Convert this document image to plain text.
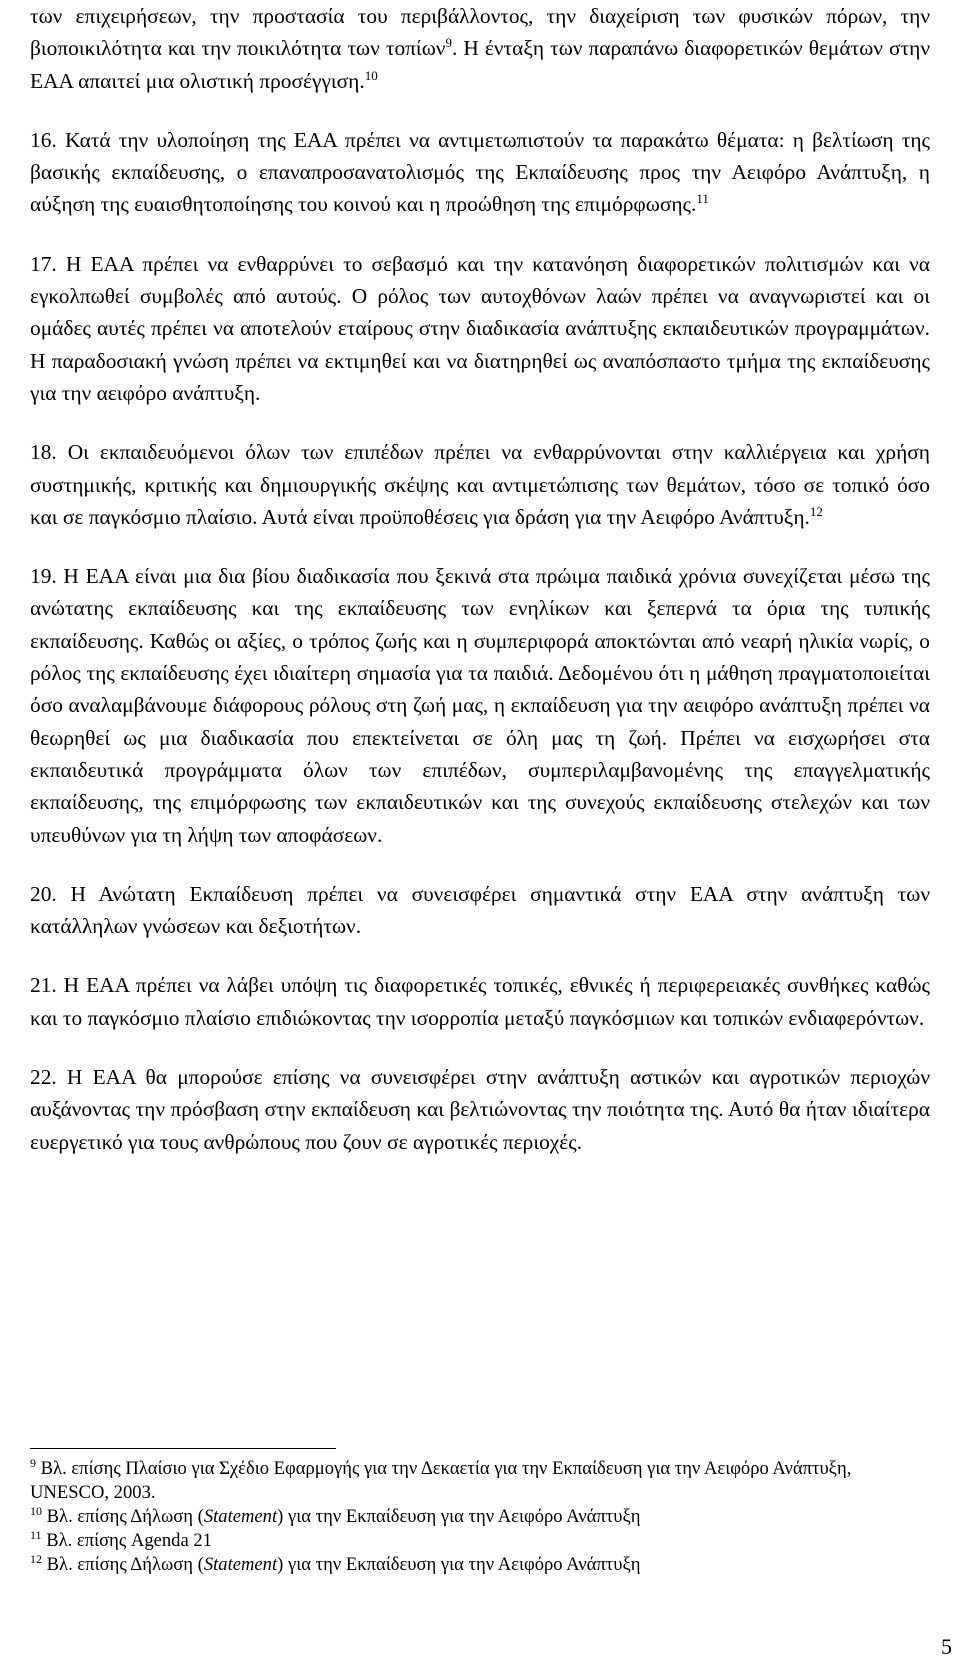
των επιχειρήσεων, την προστασία του περιβάλλοντος, την διαχείριση των φυσικών πόρων, την βιοποικιλότητα και την ποικιλότητα των τοπίων$^9$. Η ένταξη των παραπάνω διαφορετικών θεμάτων στην ΕΑΑ απαιτεί μια ολιστική προσέγγιση.$^{10}$

16. Κατά την υλοποίηση της ΕΑΑ πρέπει να αντιμετωπιστούν τα παρακάτω θέματα: η βελτίωση της βασικής εκπαίδευσης, ο επαναπροσανατολισμός της Εκπαίδευσης προς την Αειφόρο Ανάπτυξη, η αύξηση της ευαισθητοποίησης του κοινού και η προώθηση της επιμόρφωσης.$^{11}$

17. Η ΕΑΑ πρέπει να ενθαρρύνει το σεβασμό και την κατανόηση διαφορετικών πολιτισμών και να εγκολπωθεί συμβολές από αυτούς. Ο ρόλος των αυτοχθόνων λαών πρέπει να αναγνωριστεί και οι ομάδες αυτές πρέπει να αποτελούν εταίρους στην διαδικασία ανάπτυξης εκπαιδευτικών προγραμμάτων. Η παραδοσιακή γνώση πρέπει να εκτιμηθεί και να διατηρηθεί ως αναπόσπαστο τμήμα της εκπαίδευσης για την αειφόρο ανάπτυξη.

18. Οι εκπαιδευόμενοι όλων των επιπέδων πρέπει να ενθαρρύνονται στην καλλιέργεια και χρήση συστημικής, κριτικής και δημιουργικής σκέψης και αντιμετώπισης των θεμάτων, τόσο σε τοπικό όσο και σε παγκόσμιο πλαίσιο. Αυτά είναι προϋποθέσεις για δράση για την Αειφόρο Ανάπτυξη.$^{12}$

19. Η ΕΑΑ είναι μια δια βίου διαδικασία που ξεκινά στα πρώιμα παιδικά χρόνια συνεχίζεται μέσω της ανώτατης εκπαίδευσης και της εκπαίδευσης των ενηλίκων και ξεπερνά τα όρια της τυπικής εκπαίδευσης. Καθώς οι αξίες, ο τρόπος ζωής και η συμπεριφορά αποκτώνται από νεαρή ηλικία νωρίς, ο ρόλος της εκπαίδευσης έχει ιδιαίτερη σημασία για τα παιδιά. Δεδομένου ότι η μάθηση πραγματοποιείται όσο αναλαμβάνουμε διάφορους ρόλους στη ζωή μας, η εκπαίδευση για την αειφόρο ανάπτυξη πρέπει να θεωρηθεί ως μια διαδικασία που επεκτείνεται σε όλη μας τη ζωή. Πρέπει να εισχωρήσει στα εκπαιδευτικά προγράμματα όλων των επιπέδων, συμπεριλαμβανομένης της επαγγελματικής εκπαίδευσης, της επιμόρφωσης των εκπαιδευτικών και της συνεχούς εκπαίδευσης στελεχών και των υπευθύνων για τη λήψη των αποφάσεων.

20. Η Ανώτατη Εκπαίδευση πρέπει να συνεισφέρει σημαντικά στην ΕΑΑ στην ανάπτυξη των κατάλληλων γνώσεων και δεξιοτήτων.

21. Η ΕΑΑ πρέπει να λάβει υπόψη τις διαφορετικές τοπικές, εθνικές ή περιφερειακές συνθήκες καθώς και το παγκόσμιο πλαίσιο επιδιώκοντας την ισορροπία μεταξύ παγκόσμιων και τοπικών ενδιαφερόντων.

22. Η ΕΑΑ θα μπορούσε επίσης να συνεισφέρει στην ανάπτυξη αστικών και αγροτικών περιοχών αυξάνοντας την πρόσβαση στην εκπαίδευση και βελτιώνοντας την ποιότητα της. Αυτό θα ήταν ιδιαίτερα ευεργετικό για τους ανθρώπους που ζουν σε αγροτικές περιοχές.

$^9$ Βλ. επίσης Πλαίσιο για Σχέδιο Εφαρμογής για την Δεκαετία για την Εκπαίδευση για την Αειφόρο Ανάπτυξη, UNESCO, 2003.

$^{10}$ Βλ. επίσης Δήλωση (Statement) για την Εκπαίδευση για την Αειφόρο Ανάπτυξη

$^{11}$ Βλ. επίσης Agenda 21

$^{12}$ Βλ. επίσης Δήλωση (Statement) για την Εκπαίδευση για την Αειφόρο Ανάπτυξη

5
